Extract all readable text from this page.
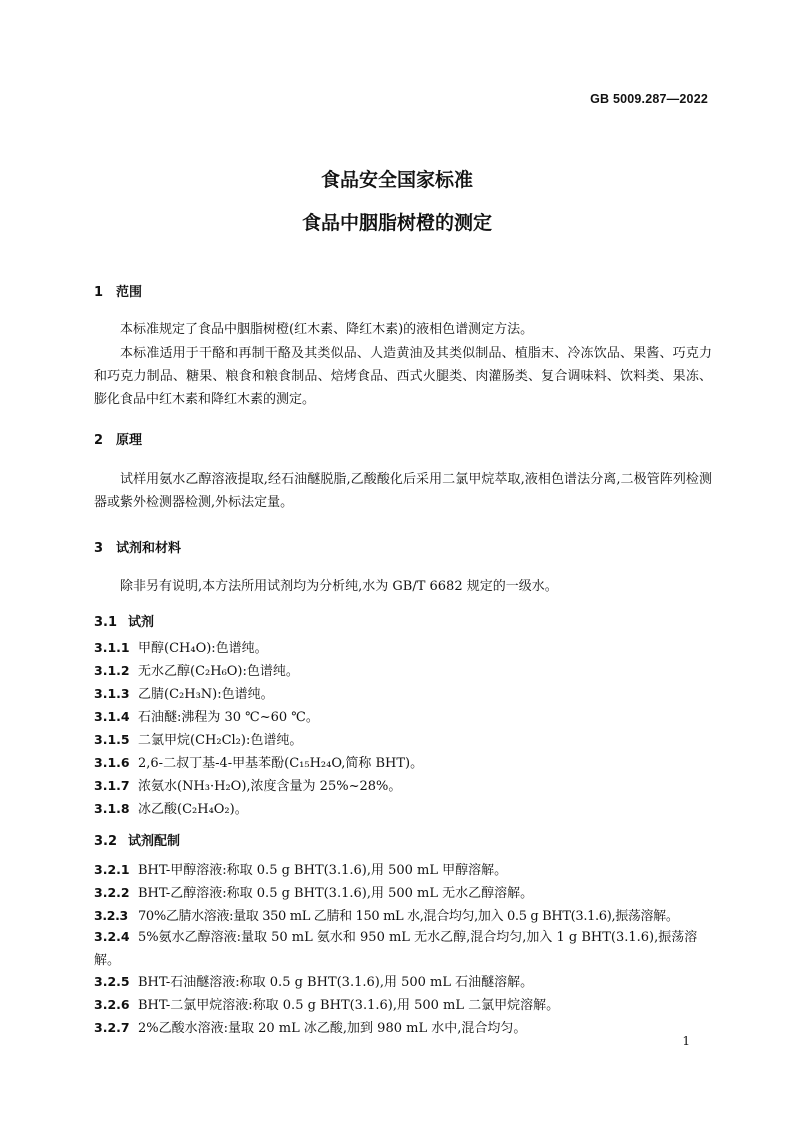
GB 5009.287—2022
食品安全国家标准
食品中胭脂树橙的测定
1 范围
本标准规定了食品中胭脂树橙(红木素、降红木素)的液相色谱测定方法。
本标准适用于干酪和再制干酪及其类似品、人造黄油及其类似制品、植脂末、冷冻饮品、果酱、巧克力和巧克力制品、糖果、粮食和粮食制品、焙烤食品、西式火腿类、肉灌肠类、复合调味料、饮料类、果冻、膨化食品中红木素和降红木素的测定。
2 原理
试样用氨水乙醇溶液提取,经石油醚脱脂,乙酸酸化后采用二氯甲烷萃取,液相色谱法分离,二极管阵列检测器或紫外检测器检测,外标法定量。
3 试剂和材料
除非另有说明,本方法所用试剂均为分析纯,水为 GB/T 6682 规定的一级水。
3.1 试剂
3.1.1 甲醇(CH₄O):色谱纯。
3.1.2 无水乙醇(C₂H₆O):色谱纯。
3.1.3 乙腈(C₂H₃N):色谱纯。
3.1.4 石油醚:沸程为 30 ℃~60 ℃。
3.1.5 二氯甲烷(CH₂Cl₂):色谱纯。
3.1.6 2,6-二叔丁基-4-甲基苯酚(C₁₅H₂₄O,简称 BHT)。
3.1.7 浓氨水(NH₃·H₂O),浓度含量为 25%~28%。
3.1.8 冰乙酸(C₂H₄O₂)。
3.2 试剂配制
3.2.1 BHT-甲醇溶液:称取 0.5 g BHT(3.1.6),用 500 mL 甲醇溶解。
3.2.2 BHT-乙醇溶液:称取 0.5 g BHT(3.1.6),用 500 mL 无水乙醇溶解。
3.2.3 70%乙腈水溶液:量取 350 mL 乙腈和 150 mL 水,混合均匀,加入 0.5 g BHT(3.1.6),振荡溶解。
3.2.4 5%氨水乙醇溶液:量取 50 mL 氨水和 950 mL 无水乙醇,混合均匀,加入 1 g BHT(3.1.6),振荡溶解。
3.2.5 BHT-石油醚溶液:称取 0.5 g BHT(3.1.6),用 500 mL 石油醚溶解。
3.2.6 BHT-二氯甲烷溶液:称取 0.5 g BHT(3.1.6),用 500 mL 二氯甲烷溶解。
3.2.7 2%乙酸水溶液:量取 20 mL 冰乙酸,加到 980 mL 水中,混合均匀。
1
